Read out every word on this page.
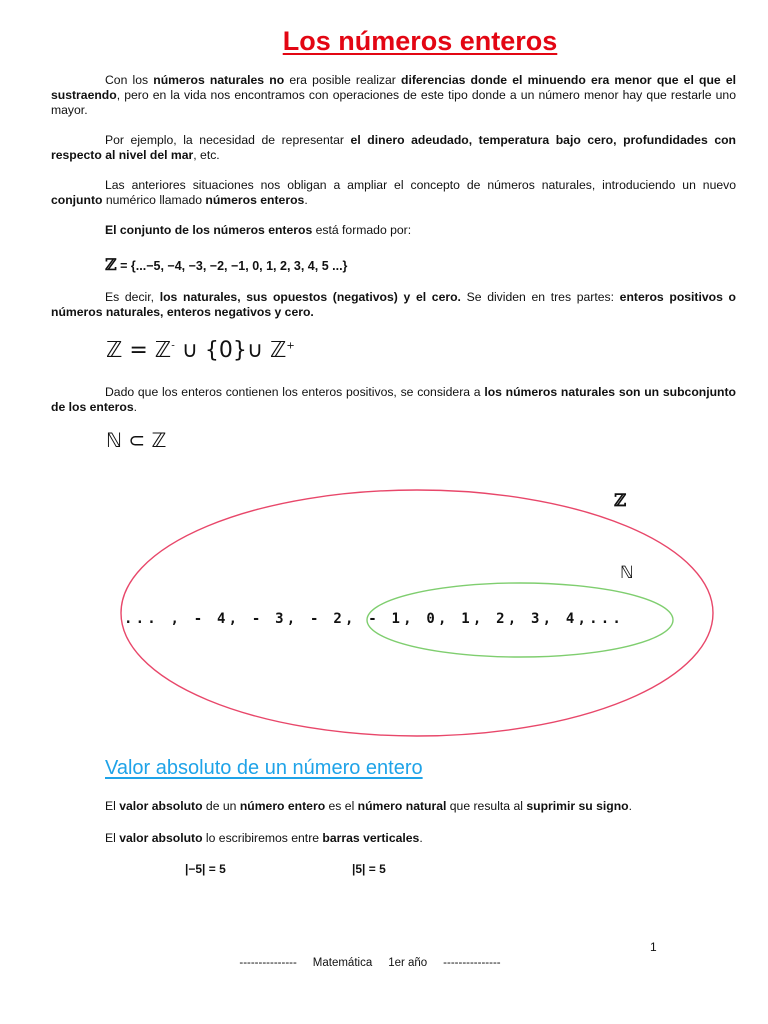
Los números enteros
Con los números naturales no era posible realizar diferencias donde el minuendo era menor que el que el sustraendo, pero en la vida nos encontramos con operaciones de este tipo donde a un número menor hay que restarle uno mayor.
Por ejemplo, la necesidad de representar el dinero adeudado, temperatura bajo cero, profundidades con respecto al nivel del mar, etc.
Las anteriores situaciones nos obligan a ampliar el concepto de números naturales, introduciendo un nuevo conjunto numérico llamado números enteros.
El conjunto de los números enteros está formado por:
ℤ = {...−5, −4, −3, −2, −1, 0, 1, 2, 3, 4, 5 ...}
Es decir, los naturales, sus opuestos (negativos) y el cero. Se dividen en tres partes: enteros positivos o números naturales, enteros negativos y cero.
ℤ = ℤ- ∪ {0}∪ ℤ+
Dado que los enteros contienen los enteros positivos, se considera a los números naturales son un subconjunto de los enteros.
ℕ ⊂ ℤ
ℤ
ℕ
... , - 4, - 3, - 2, - 1, 0, 1, 2, 3, 4,...
Valor absoluto de un número entero
El valor absoluto de un número entero es el número natural que resulta al suprimir su signo.
El valor absoluto lo escribiremos entre barras verticales.
|−5| = 5	|5| = 5
1
---------------     Matemática     1er año     ---------------
